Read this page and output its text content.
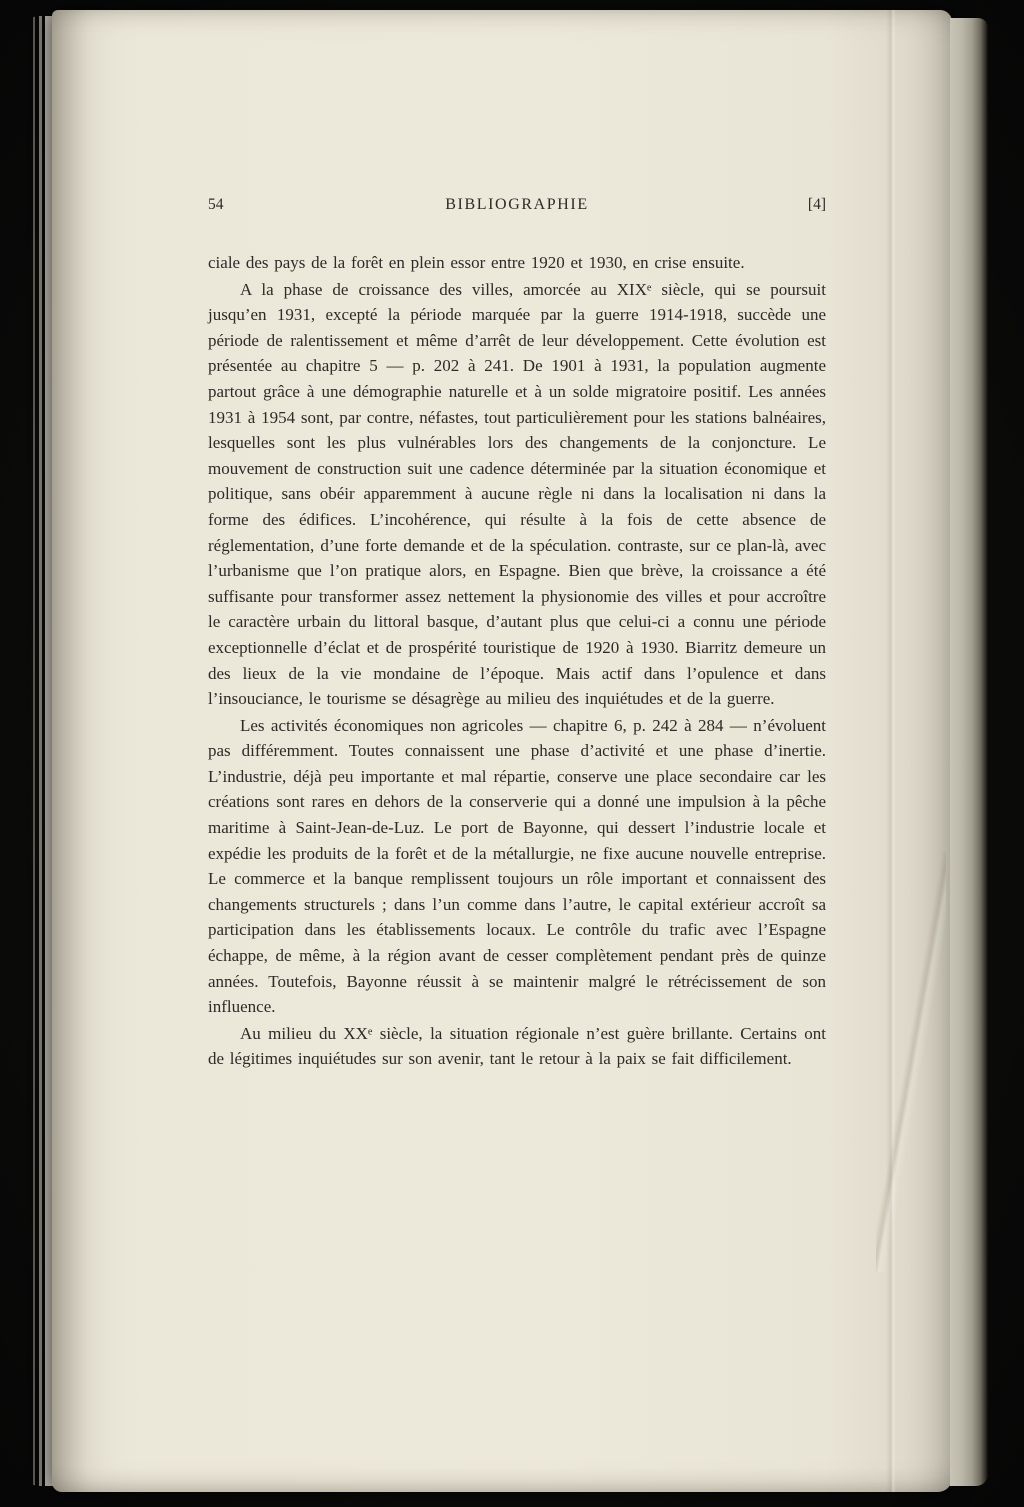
54	BIBLIOGRAPHIE	[4]

ciale des pays de la forêt en plein essor entre 1920 et 1930, en crise ensuite.

A la phase de croissance des villes, amorcée au XIXᵉ siècle, qui se poursuit jusqu’en 1931, excepté la période marquée par la guerre 1914-1918, succède une période de ralentissement et même d’arrêt de leur développement. Cette évolution est présentée au chapitre 5 — p. 202 à 241. De 1901 à 1931, la population augmente partout grâce à une démographie naturelle et à un solde migratoire positif. Les années 1931 à 1954 sont, par contre, néfastes, tout particulièrement pour les stations balnéaires, lesquelles sont les plus vulnérables lors des changements de la conjoncture. Le mouvement de construction suit une cadence déterminée par la situation économique et politique, sans obéir apparemment à aucune règle ni dans la localisation ni dans la forme des édifices. L’incohérence, qui résulte à la fois de cette absence de réglementation, d’une forte demande et de la spéculation. contraste, sur ce plan-là, avec l’urbanisme que l’on pratique alors, en Espagne. Bien que brève, la croissance a été suffisante pour transformer assez nettement la physionomie des villes et pour accroître le caractère urbain du littoral basque, d’autant plus que celui-ci a connu une période exceptionnelle d’éclat et de prospérité touristique de 1920 à 1930. Biarritz demeure un des lieux de la vie mondaine de l’époque. Mais actif dans l’opulence et dans l’insouciance, le tourisme se désagrège au milieu des inquiétudes et de la guerre.

Les activités économiques non agricoles — chapitre 6, p. 242 à 284 — n’évoluent pas différemment. Toutes connaissent une phase d’activité et une phase d’inertie. L’industrie, déjà peu importante et mal répartie, conserve une place secondaire car les créations sont rares en dehors de la conserverie qui a donné une impulsion à la pêche maritime à Saint-Jean-de-Luz. Le port de Bayonne, qui dessert l’industrie locale et expédie les produits de la forêt et de la métallurgie, ne fixe aucune nouvelle entreprise. Le commerce et la banque remplissent toujours un rôle important et connaissent des changements structurels ; dans l’un comme dans l’autre, le capital extérieur accroît sa participation dans les établissements locaux. Le contrôle du trafic avec l’Espagne échappe, de même, à la région avant de cesser complètement pendant près de quinze années. Toutefois, Bayonne réussit à se maintenir malgré le rétrécissement de son influence.

Au milieu du XXᵉ siècle, la situation régionale n’est guère brillante. Certains ont de légitimes inquiétudes sur son avenir, tant le retour à la paix se fait difficilement.
